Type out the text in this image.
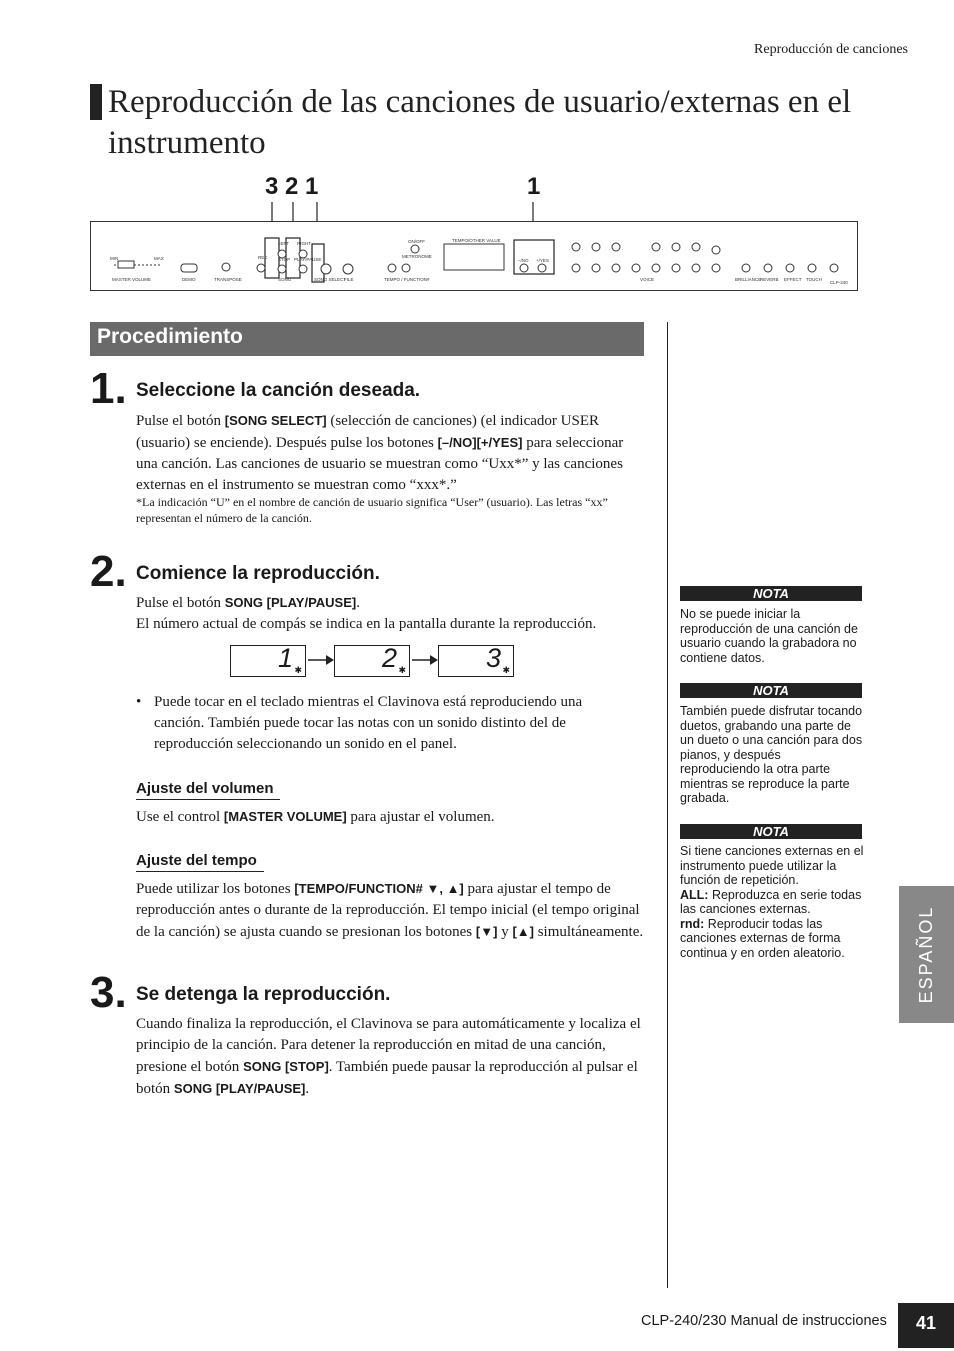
Reproducción de canciones
Reproducción de las canciones de usuario/externas en el instrumento
3 2 1	1
MASTER VOLUME
MIN	MAX
DEMO	TRANSPOSE
REC
LEFT RIGHT
STOP PLAY/PAUSE
SONG	SONG SELECT
FILE	TEMPO / FUNCTION#
METRONOME
ON/OFF	TEMPO/OTHER VALUE
–/NO +/YES
VOICE	BRILLIANCE
REVERB EFFECT TOUCH
CLP-240
Procedimiento
1. Seleccione la canción deseada.
Pulse el botón [SONG SELECT] (selección de canciones) (el indicador USER (usuario) se enciende). Después pulse los botones [–/NO][+/YES] para seleccionar una canción. Las canciones de usuario se muestran como “Uxx*” y las canciones externas en el instrumento se muestran como “xxx*.”
*La indicación “U” en el nombre de canción de usuario significa “User” (usuario). Las letras “xx” representan el número de la canción.
2. Comience la reproducción.
Pulse el botón SONG [PLAY/PAUSE].
El número actual de compás se indica en la pantalla durante la reproducción.
1 ✱	2 ✱	3 ✱
• Puede tocar en el teclado mientras el Clavinova está reproduciendo una canción. También puede tocar las notas con un sonido distinto del de reproducción seleccionando un sonido en el panel.
Ajuste del volumen
Use el control [MASTER VOLUME] para ajustar el volumen.
Ajuste del tempo
Puede utilizar los botones [TEMPO/FUNCTION# ▼, ▲] para ajustar el tempo de reproducción antes o durante de la reproducción. El tempo inicial (el tempo original de la canción) se ajusta cuando se presionan los botones [▼] y [▲] simultáneamente.
3. Se detenga la reproducción.
Cuando finaliza la reproducción, el Clavinova se para automáticamente y localiza el principio de la canción. Para detener la reproducción en mitad de una canción, presione el botón SONG [STOP]. También puede pausar la reproducción al pulsar el botón SONG [PLAY/PAUSE].
NOTA
No se puede iniciar la reproducción de una canción de usuario cuando la grabadora no contiene datos.
NOTA
También puede disfrutar tocando duetos, grabando una parte de un dueto o una canción para dos pianos, y después reproduciendo la otra parte mientras se reproduce la parte grabada.
NOTA
Si tiene canciones externas en el instrumento puede utilizar la función de repetición.
ALL: Reproduzca en serie todas las canciones externas.
rnd: Reproducir todas las canciones externas de forma continua y en orden aleatorio.	ESPAÑOL
CLP-240/230 Manual de instrucciones	41
